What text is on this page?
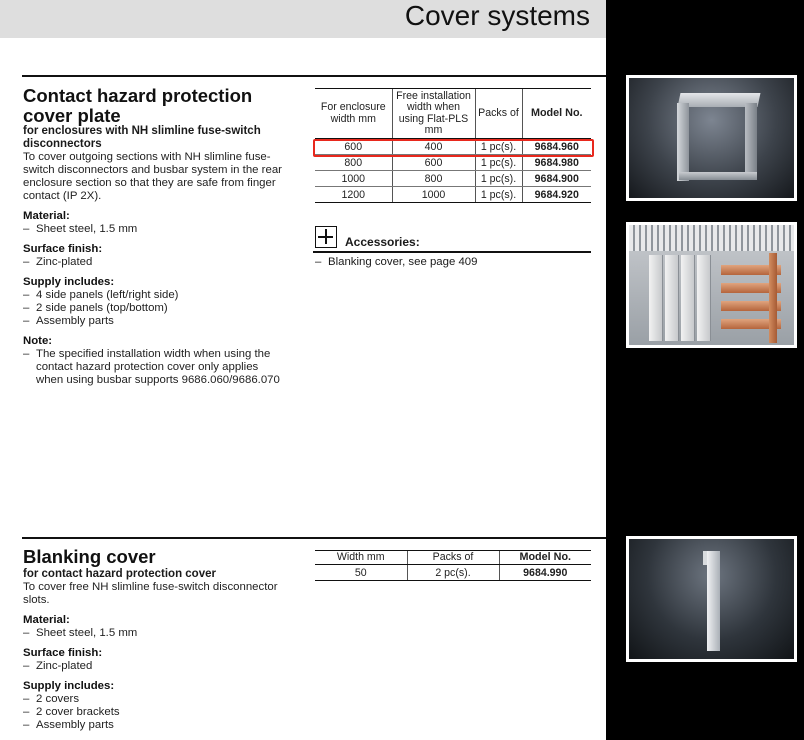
Cover systems
Contact hazard protection
cover plate
for enclosures with NH slimline fuse-switch
disconnectors
To cover outgoing sections with NH slimline fuse-
switch disconnectors and busbar system in the rear
enclosure section so that they are safe from finger
contact (IP 2X).
Material:
– Sheet steel, 1.5 mm
Surface finish:
– Zinc-plated
Supply includes:
– 4 side panels (left/right side)
– 2 side panels (top/bottom)
– Assembly parts
Note:
– The specified installation width when using the
contact hazard protection cover only applies
when using busbar supports 9686.060/9686.070
For enclosure width mm	Free installation width when using Flat-PLS mm	Packs of	Model No.
600	400	1 pc(s).	9684.960
800	600	1 pc(s).	9684.980
1000	800	1 pc(s).	9684.900
1200	1000	1 pc(s).	9684.920
Accessories:
– Blanking cover, see page 409
Blanking cover
for contact hazard protection cover
To cover free NH slimline fuse-switch disconnector
slots.
Material:
– Sheet steel, 1.5 mm
Surface finish:
– Zinc-plated
Supply includes:
– 2 covers
– 2 cover brackets
– Assembly parts
Width mm	Packs of	Model No.
50	2 pc(s).	9684.990
